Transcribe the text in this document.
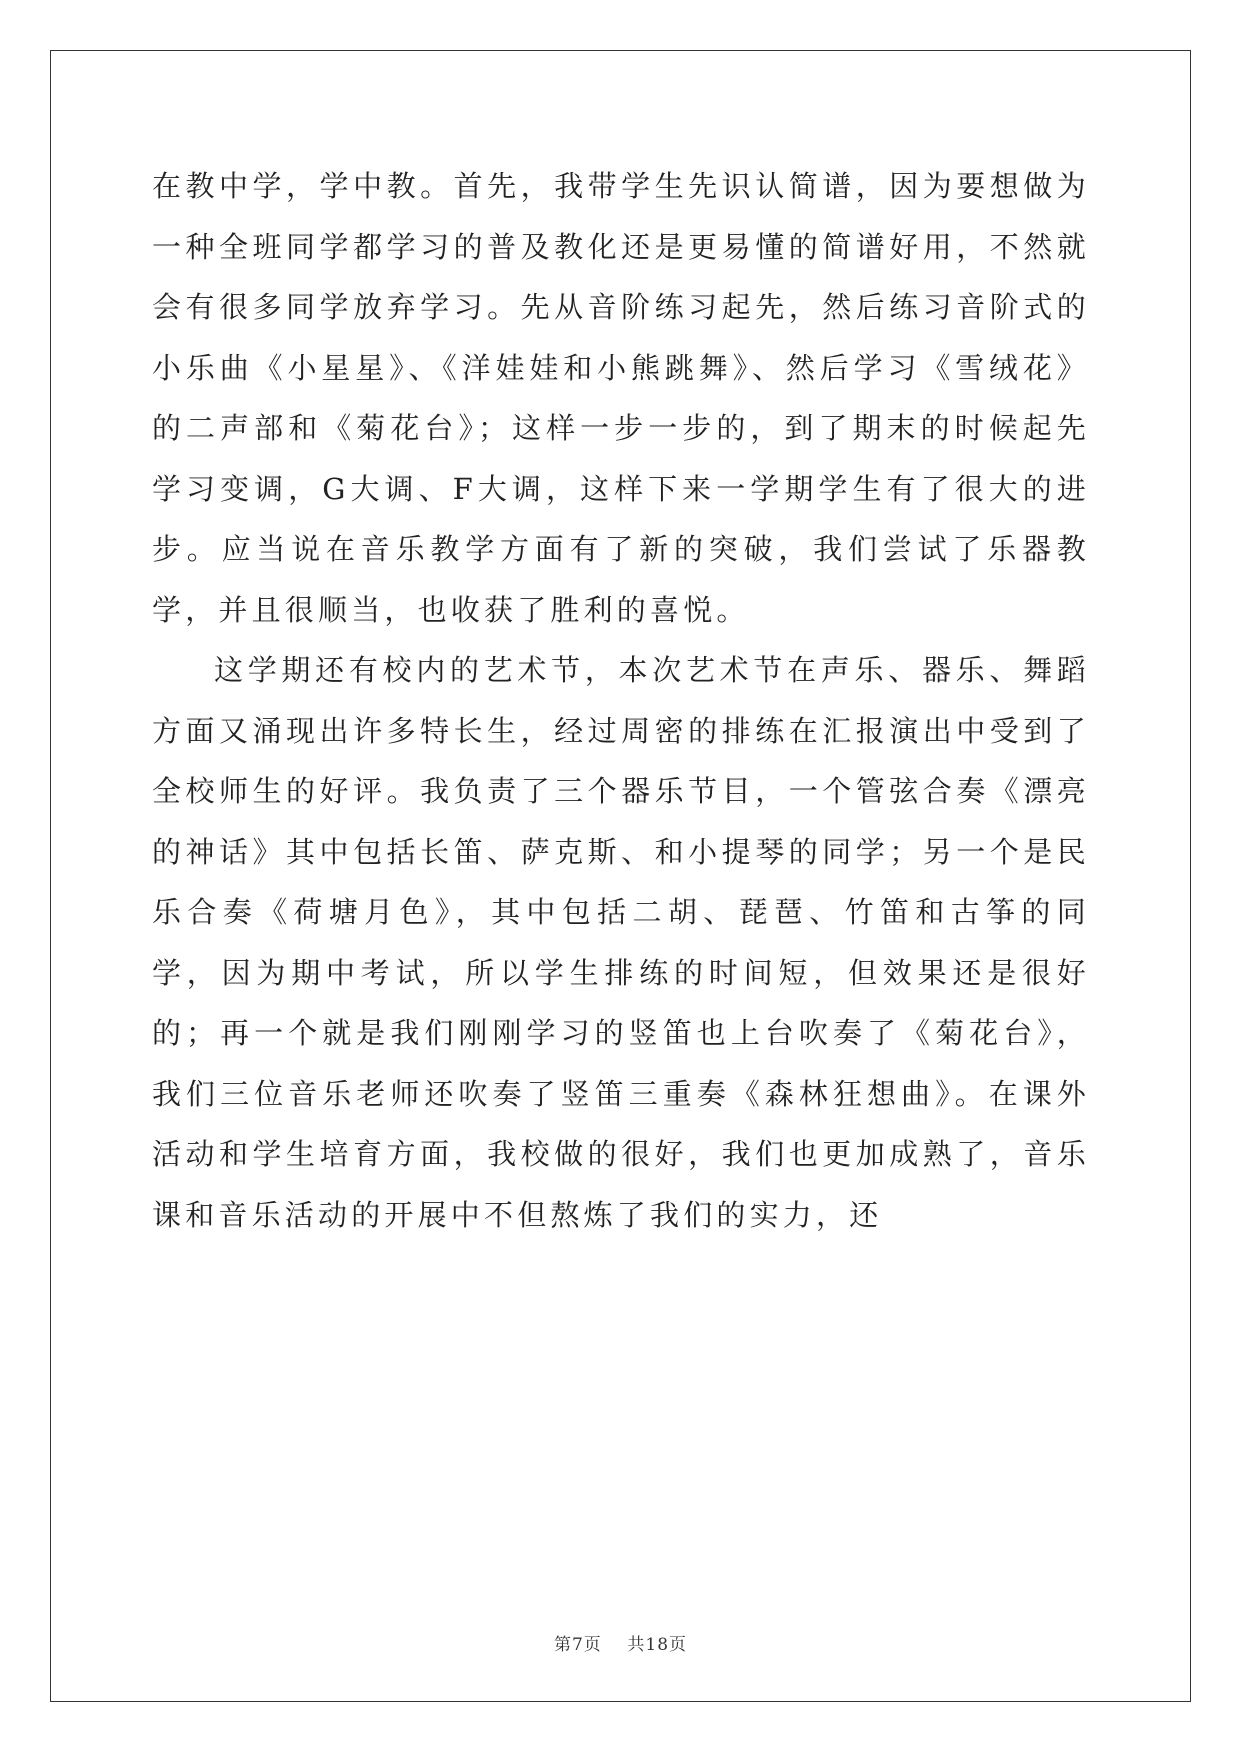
在教中学，学中教。首先，我带学生先识认简谱，因为要想做为一种全班同学都学习的普及教化还是更易懂的简谱好用，不然就会有很多同学放弃学习。先从音阶练习起先，然后练习音阶式的小乐曲《小星星》、《洋娃娃和小熊跳舞》、然后学习《雪绒花》的二声部和《菊花台》；这样一步一步的，到了期末的时候起先学习变调，G大调、F大调，这样下来一学期学生有了很大的进步。应当说在音乐教学方面有了新的突破，我们尝试了乐器教学，并且很顺当，也收获了胜利的喜悦。

这学期还有校内的艺术节，本次艺术节在声乐、器乐、舞蹈方面又涌现出许多特长生，经过周密的排练在汇报演出中受到了全校师生的好评。我负责了三个器乐节目，一个管弦合奏《漂亮的神话》其中包括长笛、萨克斯、和小提琴的同学；另一个是民乐合奏《荷塘月色》，其中包括二胡、琵琶、竹笛和古筝的同学，因为期中考试，所以学生排练的时间短，但效果还是很好的；再一个就是我们刚刚学习的竖笛也上台吹奏了《菊花台》，我们三位音乐老师还吹奏了竖笛三重奏《森林狂想曲》。在课外活动和学生培育方面，我校做的很好，我们也更加成熟了，音乐课和音乐活动的开展中不但熬炼了我们的实力，还

第7页 共18页
